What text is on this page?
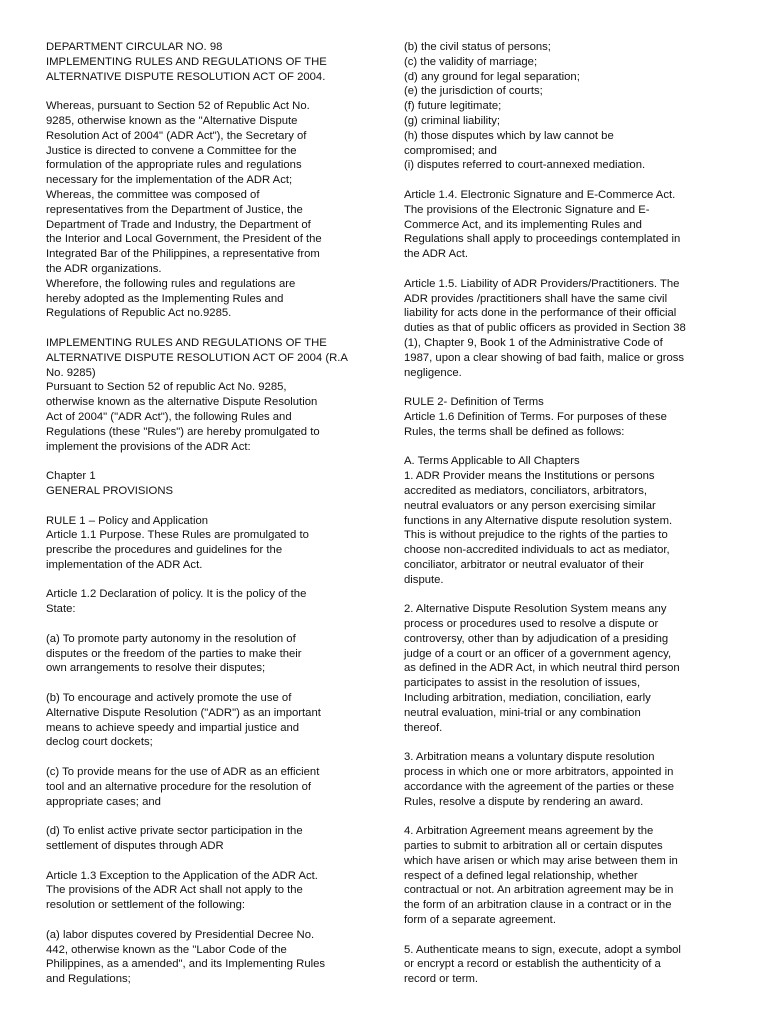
DEPARTMENT CIRCULAR NO. 98
IMPLEMENTING RULES AND REGULATIONS OF THE
ALTERNATIVE DISPUTE RESOLUTION ACT OF 2004.

Whereas, pursuant to Section 52 of Republic Act No.
9285, otherwise known as the "Alternative Dispute
Resolution Act of 2004" (ADR Act"), the Secretary of
Justice is directed to convene a Committee for the
formulation of the appropriate rules and regulations
necessary for the implementation of the ADR Act;
Whereas, the committee was composed of
representatives from the Department of Justice, the
Department of Trade and Industry, the Department of
the Interior and Local Government, the President of the
Integrated Bar of the Philippines, a representative from
the ADR organizations.
Wherefore, the following rules and regulations are
hereby adopted as the Implementing Rules and
Regulations of Republic Act no.9285.

IMPLEMENTING RULES AND REGULATIONS OF THE
ALTERNATIVE DISPUTE RESOLUTION ACT OF 2004 (R.A
No. 9285)
Pursuant to Section 52 of republic Act No. 9285,
otherwise known as the alternative Dispute Resolution
Act of 2004" ("ADR Act"), the following Rules and
Regulations (these "Rules") are hereby promulgated to
implement the provisions of the ADR Act:

Chapter 1
GENERAL PROVISIONS

RULE 1 – Policy and Application
Article 1.1 Purpose. These Rules are promulgated to
prescribe the procedures and guidelines for the
implementation of the ADR Act.

Article 1.2 Declaration of policy. It is the policy of the
State:

(a) To promote party autonomy in the resolution of
disputes or the freedom of the parties to make their
own arrangements to resolve their disputes;

(b) To encourage and actively promote the use of
Alternative Dispute Resolution ("ADR") as an important
means to achieve speedy and impartial justice and
declog court dockets;

(c) To provide means for the use of ADR as an efficient
tool and an alternative procedure for the resolution of
appropriate cases; and

(d) To enlist active private sector participation in the
settlement of disputes through ADR

Article 1.3 Exception to the Application of the ADR Act.
The provisions of the ADR Act shall not apply to the
resolution or settlement of the following:

(a) labor disputes covered by Presidential Decree No.
442, otherwise known as the "Labor Code of the
Philippines, as a amended", and its Implementing Rules
and Regulations;

(b) the civil status of persons;
(c) the validity of marriage;
(d) any ground for legal separation;
(e) the jurisdiction of courts;
(f) future legitimate;
(g) criminal liability;
(h) those disputes which by law cannot be
compromised; and
(i) disputes referred to court-annexed mediation.

Article 1.4. Electronic Signature and E-Commerce Act.
The provisions of the Electronic Signature and E-
Commerce Act, and its implementing Rules and
Regulations shall apply to proceedings contemplated in
the ADR Act.

Article 1.5. Liability of ADR Providers/Practitioners. The
ADR provides /practitioners shall have the same civil
liability for acts done in the performance of their official
duties as that of public officers as provided in Section 38
(1), Chapter 9, Book 1 of the Administrative Code of
1987, upon a clear showing of bad faith, malice or gross
negligence.

RULE 2- Definition of Terms
Article 1.6 Definition of Terms. For purposes of these
Rules, the terms shall be defined as follows:

A. Terms Applicable to All Chapters
1. ADR Provider means the Institutions or persons
accredited as mediators, conciliators, arbitrators,
neutral evaluators or any person exercising similar
functions in any Alternative dispute resolution system.
This is without prejudice to the rights of the parties to
choose non-accredited individuals to act as mediator,
conciliator, arbitrator or neutral evaluator of their
dispute.

2. Alternative Dispute Resolution System means any
process or procedures used to resolve a dispute or
controversy, other than by adjudication of a presiding
judge of a court or an officer of a government agency,
as defined in the ADR Act, in which neutral third person
participates to assist in the resolution of issues,
Including arbitration, mediation, conciliation, early
neutral evaluation, mini-trial or any combination
thereof.

3. Arbitration means a voluntary dispute resolution
process in which one or more arbitrators, appointed in
accordance with the agreement of the parties or these
Rules, resolve a dispute by rendering an award.

4. Arbitration Agreement means agreement by the
parties to submit to arbitration all or certain disputes
which have arisen or which may arise between them in
respect of a defined legal relationship, whether
contractual or not. An arbitration agreement may be in
the form of an arbitration clause in a contract or in the
form of a separate agreement.

5. Authenticate means to sign, execute, adopt a symbol
or encrypt a record or establish the authenticity of a
record or term.
